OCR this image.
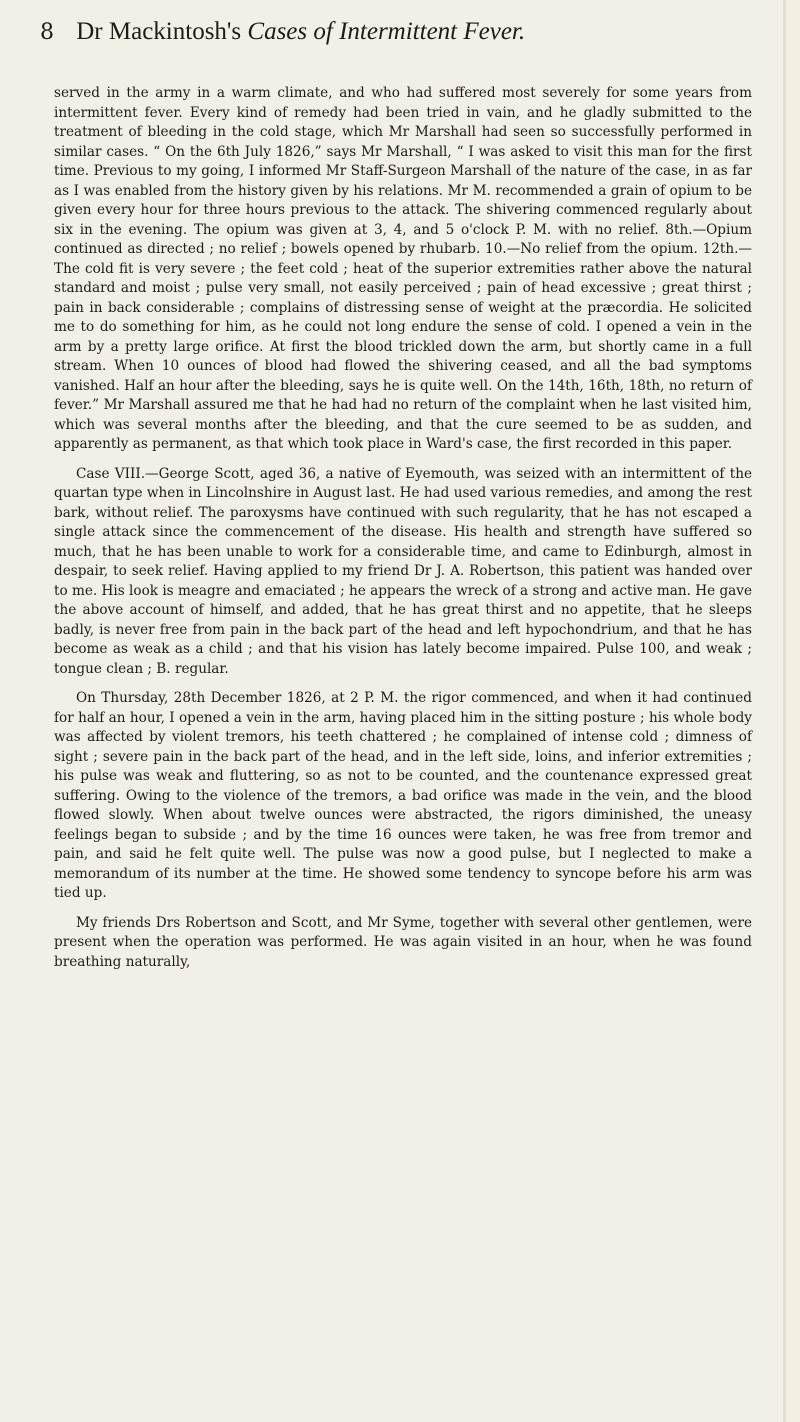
8 Dr Mackintosh's Cases of Intermittent Fever.

served in the army in a warm climate, and who had suffered most severely for some years from intermittent fever. Every kind of remedy had been tried in vain, and he gladly submitted to the treatment of bleeding in the cold stage, which Mr Marshall had seen so successfully performed in similar cases. “ On the 6th July 1826,” says Mr Marshall, “ I was asked to visit this man for the first time. Previous to my going, I informed Mr Staff-Surgeon Marshall of the nature of the case, in as far as I was enabled from the history given by his relations. Mr M. recommended a grain of opium to be given every hour for three hours previous to the attack. The shivering commenced regularly about six in the evening. The opium was given at 3, 4, and 5 o'clock P. M. with no relief. 8th.—Opium continued as directed ; no relief ; bowels opened by rhubarb. 10.—No relief from the opium. 12th.—The cold fit is very severe ; the feet cold ; heat of the superior extremities rather above the natural standard and moist ; pulse very small, not easily perceived ; pain of head excessive ; great thirst ; pain in back considerable ; complains of distressing sense of weight at the præcordia. He solicited me to do something for him, as he could not long endure the sense of cold. I opened a vein in the arm by a pretty large orifice. At first the blood trickled down the arm, but shortly came in a full stream. When 10 ounces of blood had flowed the shivering ceased, and all the bad symptoms vanished. Half an hour after the bleeding, says he is quite well. On the 14th, 16th, 18th, no return of fever.” Mr Marshall assured me that he had had no return of the complaint when he last visited him, which was several months after the bleeding, and that the cure seemed to be as sudden, and apparently as permanent, as that which took place in Ward's case, the first recorded in this paper.

Case VIII.—George Scott, aged 36, a native of Eyemouth, was seized with an intermittent of the quartan type when in Lincolnshire in August last. He had used various remedies, and among the rest bark, without relief. The paroxysms have continued with such regularity, that he has not escaped a single attack since the commencement of the disease. His health and strength have suffered so much, that he has been unable to work for a considerable time, and came to Edinburgh, almost in despair, to seek relief. Having applied to my friend Dr J. A. Robertson, this patient was handed over to me. His look is meagre and emaciated ; he appears the wreck of a strong and active man. He gave the above account of himself, and added, that he has great thirst and no appetite, that he sleeps badly, is never free from pain in the back part of the head and left hypochondrium, and that he has become as weak as a child ; and that his vision has lately become impaired. Pulse 100, and weak ; tongue clean ; B. regular.

On Thursday, 28th December 1826, at 2 P. M. the rigor commenced, and when it had continued for half an hour, I opened a vein in the arm, having placed him in the sitting posture ; his whole body was affected by violent tremors, his teeth chattered ; he complained of intense cold ; dimness of sight ; severe pain in the back part of the head, and in the left side, loins, and inferior extremities ; his pulse was weak and fluttering, so as not to be counted, and the countenance expressed great suffering. Owing to the violence of the tremors, a bad orifice was made in the vein, and the blood flowed slowly. When about twelve ounces were abstracted, the rigors diminished, the uneasy feelings began to subside ; and by the time 16 ounces were taken, he was free from tremor and pain, and said he felt quite well. The pulse was now a good pulse, but I neglected to make a memorandum of its number at the time. He showed some tendency to syncope before his arm was tied up.

My friends Drs Robertson and Scott, and Mr Syme, together with several other gentlemen, were present when the operation was performed. He was again visited in an hour, when he was found breathing naturally,
